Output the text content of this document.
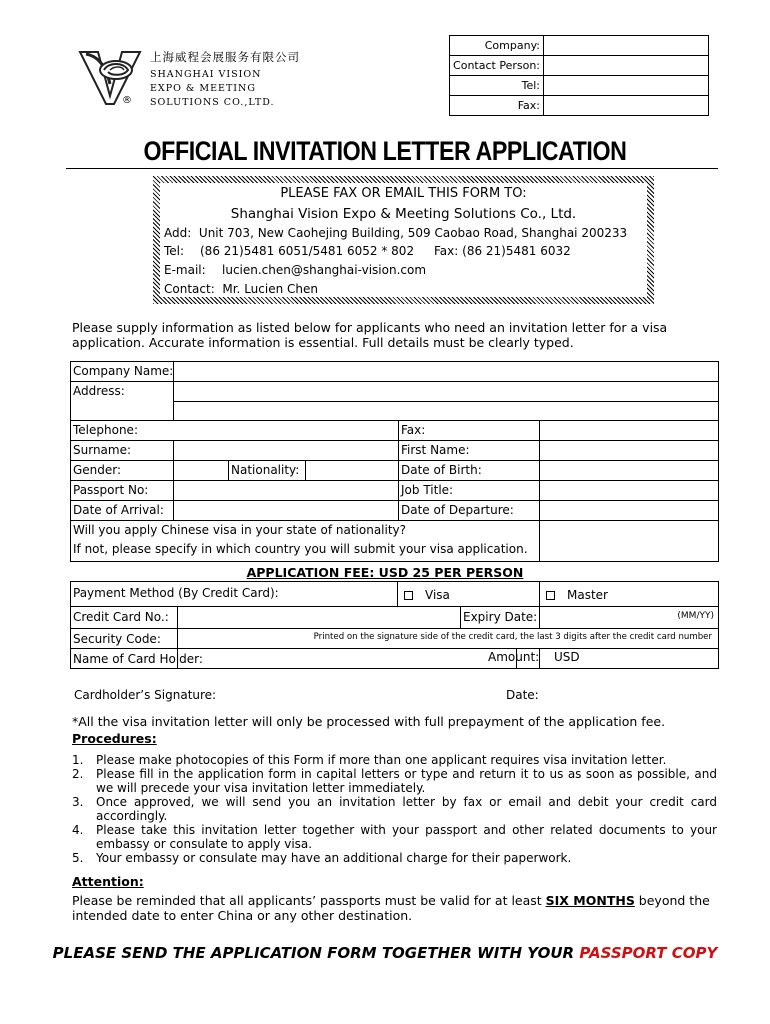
®
上海威程会展服务有限公司
SHANGHAI VISION
EXPO & MEETING
SOLUTIONS CO.,LTD.
Company:	
Contact Person:	
Tel:	
Fax:	
OFFICIAL INVITATION LETTER APPLICATION
PLEASE FAX OR EMAIL THIS FORM TO:
Shanghai Vision Expo & Meeting Solutions Co., Ltd.
Add: Unit 703, New Caohejing Building, 509 Caobao Road, Shanghai 200233
Tel: (86 21)5481 6051/5481 6052 * 802 Fax: (86 21)5481 6032
E-mail: lucien.chen@shanghai-vision.com
Contact: Mr. Lucien Chen
Please supply information as listed below for applicants who need an invitation letter for a visa application. Accurate information is essential. Full details must be clearly typed.
Company Name:
Address:
Telephone:	Fax:
Surname:	First Name:
Gender:	Nationality:	Date of Birth:
Passport No:	Job Title:
Date of Arrival:	Date of Departure:
Will you apply Chinese visa in your state of nationality?
If not, please specify in which country you will submit your visa application.
APPLICATION FEE: USD 25 PER PERSON
Payment Method (By Credit Card):	Visa	Master
Credit Card No.:	Expiry Date:	(MM/YY)
Security Code:	Printed on the signature side of the credit card, the last 3 digits after the credit card number
Name of Card Holder:	Amount:	USD
Cardholder’s Signature:	Date:
*All the visa invitation letter will only be processed with full prepayment of the application fee.
Procedures:
1.	Please make photocopies of this Form if more than one applicant requires visa invitation letter.
2.	Please fill in the application form in capital letters or type and return it to us as soon as possible, and we will precede your visa invitation letter immediately.
3.	Once approved, we will send you an invitation letter by fax or email and debit your credit card accordingly.
4.	Please take this invitation letter together with your passport and other related documents to your embassy or consulate to apply visa.
5.	Your embassy or consulate may have an additional charge for their paperwork.
Attention:
Please be reminded that all applicants’ passports must be valid for at least SIX MONTHS beyond the intended date to enter China or any other destination.
PLEASE SEND THE APPLICATION FORM TOGETHER WITH YOUR PASSPORT COPY
